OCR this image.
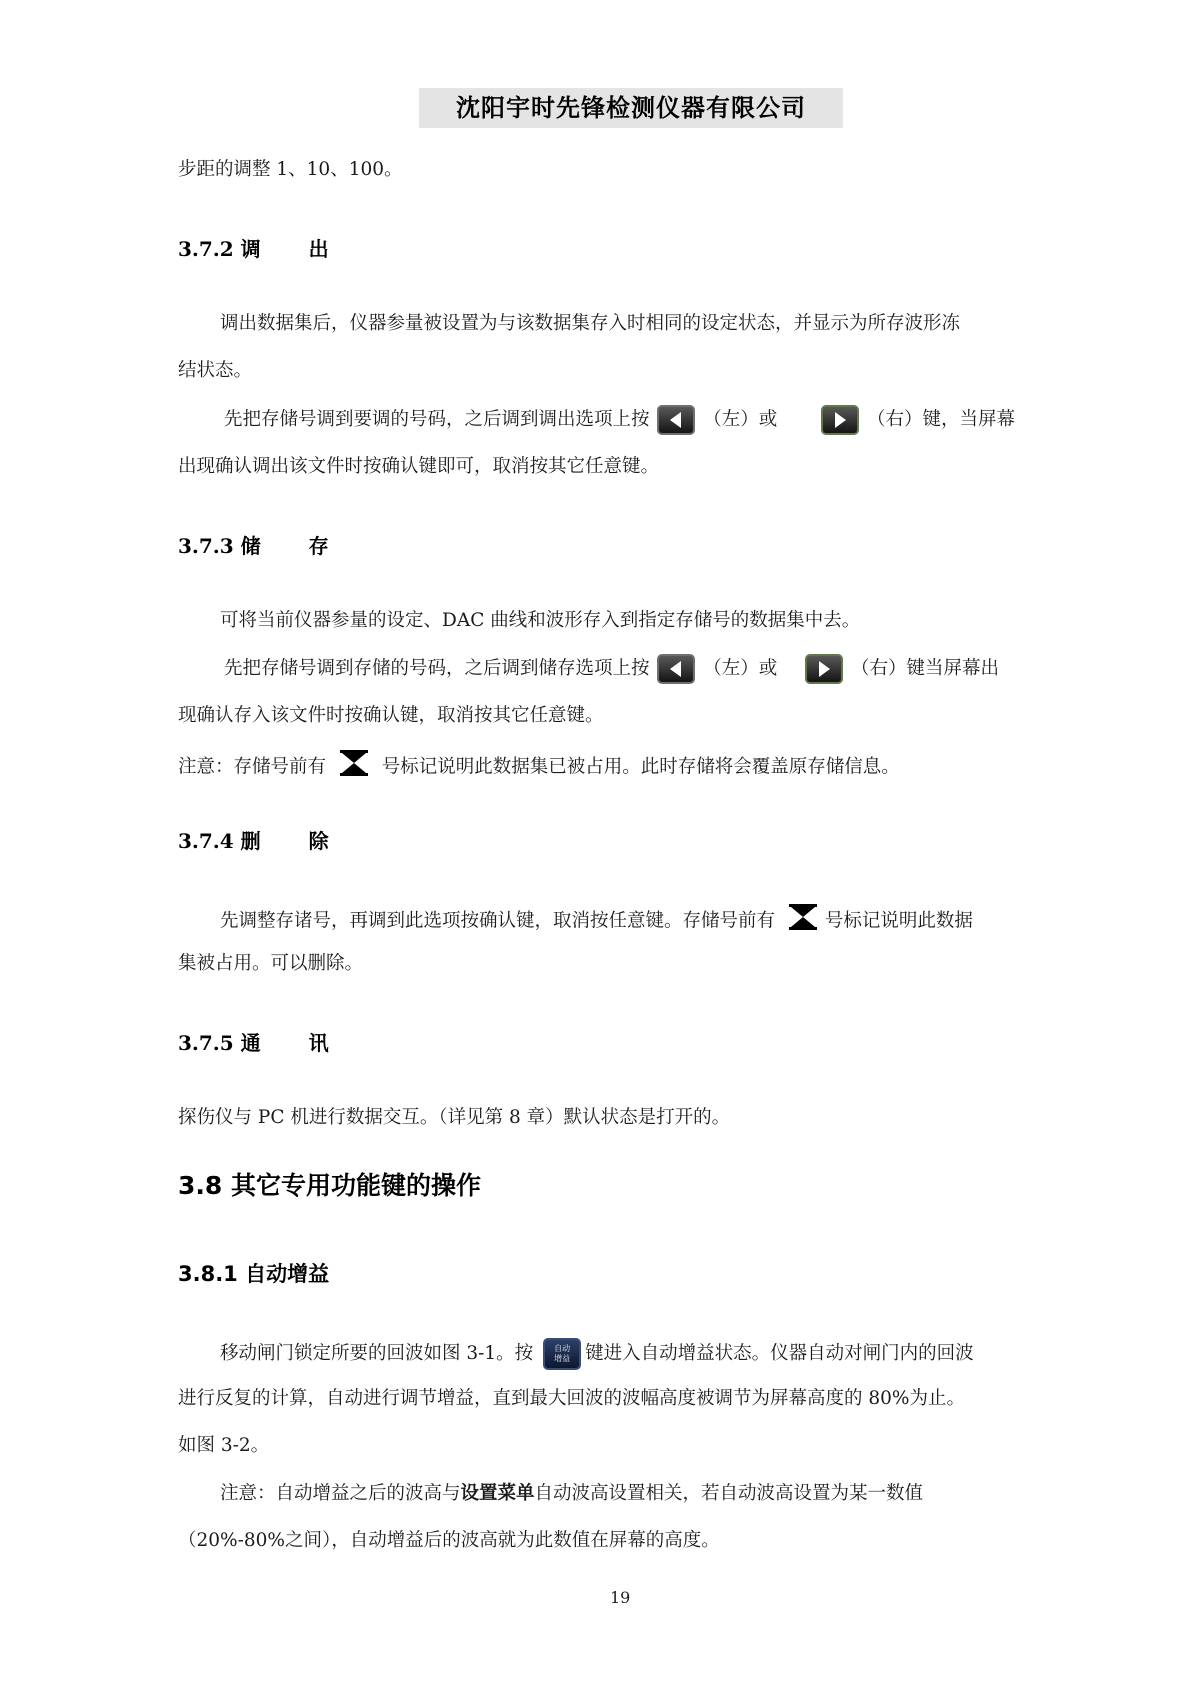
沈阳宇时先锋检测仪器有限公司

步距的调整 1、10、100。

3.7.2 调 出

调出数据集后，仪器参量被设置为与该数据集存入时相同的设定状态，并显示为所存波形冻

结状态。

先把存储号调到要调的号码，之后调到调出选项上按	（左）或	（右）键，当屏幕

出现确认调出该文件时按确认键即可，取消按其它任意键。

3.7.3 储 存

可将当前仪器参量的设定、DAC 曲线和波形存入到指定存储号的数据集中去。

先把存储号调到存储的号码，之后调到储存选项上按	（左）或	（右）键当屏幕出

现确认存入该文件时按确认键，取消按其它任意键。

注意：存储号前有	号标记说明此数据集已被占用。此时存储将会覆盖原存储信息。
3.7.4 删 除
先调整存诸号，再调到此选项按确认键，取消按任意键。存储号前有	号标记说明此数据

集被占用。可以删除。

3.7.5 通 讯

探伤仪与 PC 机进行数据交互。（详见第 8 章）默认状态是打开的。

3.8 其它专用功能键的操作
3.8.1 自动增益
移动闸门锁定所要的回波如图 3-1。按	自动
增益 键进入自动增益状态。仪器自动对闸门内的回波

进行反复的计算，自动进行调节增益，直到最大回波的波幅高度被调节为屏幕高度的 80%为止。

如图 3-2。

注意：自动增益之后的波高与设置菜单自动波高设置相关，若自动波高设置为某一数值

（20%-80%之间），自动增益后的波高就为此数值在屏幕的高度。

19
